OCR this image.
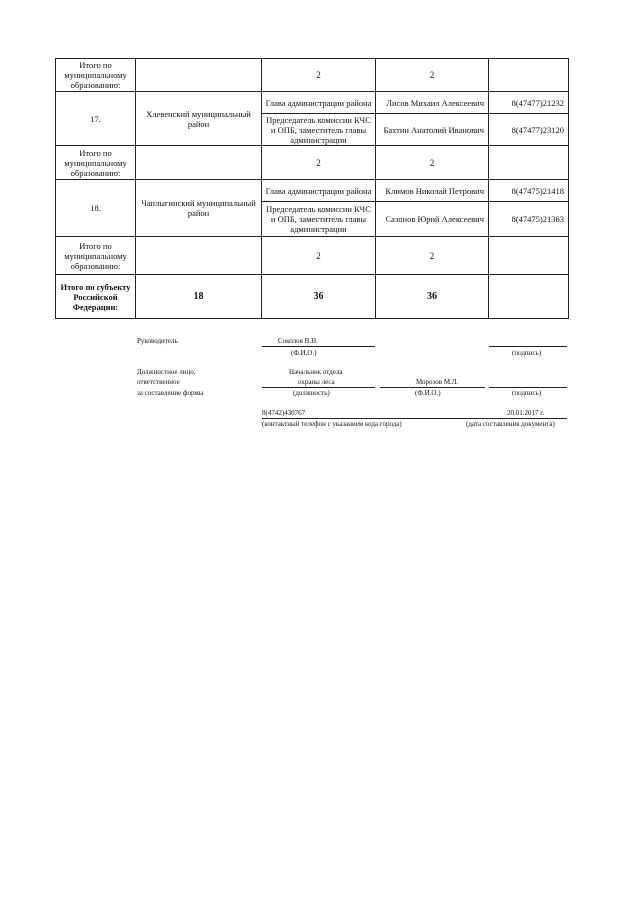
Итого по муниципальному образованию:		2	2	
17.	Хлевенский муниципальный район	Глава администрации района	Лисов Михаил Алексеевич	8(47477)21232
		Председатель комиссии КЧС и ОПБ, заместитель главы администрации	Бахтин Анатолий Иванович	8(47477)23120
Итого по муниципальному образованию:		2	2	
18.	Чаплыгинский муниципальный район	Глава администрации района	Климов Николай Петрович	8(47475)21418
		Председатель комиссии КЧС и ОПБ, заместитель главы администрации	Сазонов Юрий Алексеевич	8(47475)21363
Итого по муниципальному образованию:		2	2	
Итого по субъекту Российской Федерации:	18	36	36	
Руководитель	Соколов В.Н.
(Ф.И.О.)	(подпись)
Должностное лицо,
ответственное
за составление формы
Начальник отдела
охраны леса	Морозов М.Л.
(должность)	(Ф.И.О.)	(подпись)
8(4742)430767	20.01.2017 г.
(контактный телефон с указанием кода города)	(дата составления документа)
